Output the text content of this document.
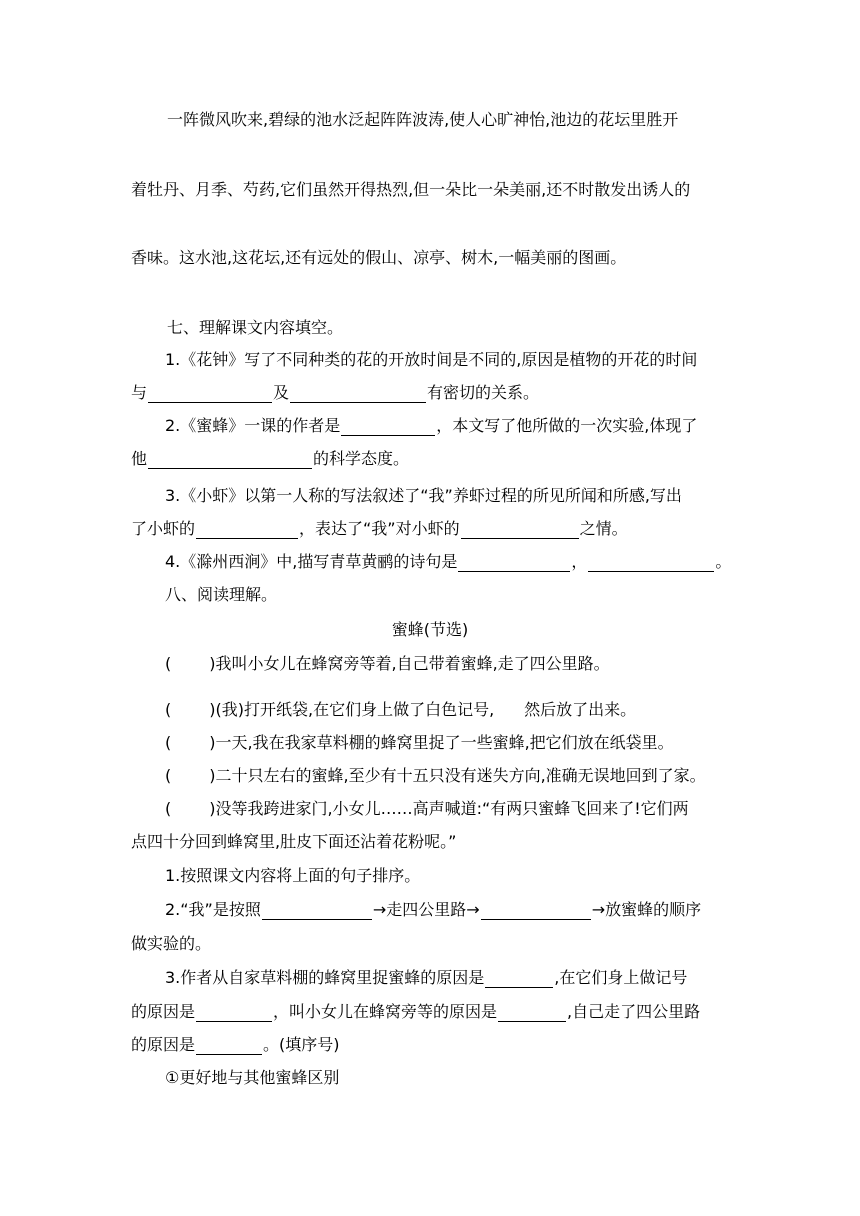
一阵微风吹来,碧绿的池水泛起阵阵波涛,使人心旷神怡,池边的花坛里胜开
着牡丹、月季、芍药,它们虽然开得热烈,但一朵比一朵美丽,还不时散发出诱人的
香味。这水池,这花坛,还有远处的假山、凉亭、树木,一幅美丽的图画。
七、理解课文内容填空。
1.《花钟》写了不同种类的花的开放时间是不同的,原因是植物的开花的时间
与	及	有密切的关系。
2.《蜜蜂》一课的作者是	，本文写了他所做的一次实验,体现了
他	的科学态度。
3.《小虾》以第一人称的写法叙述了“我”养虾过程的所见所闻和所感,写出
了小虾的	，表达了“我”对小虾的	之情。
4.《滁州西涧》中,描写青草黄鹂的诗句是	，	。
八、阅读理解。
蜜蜂(节选)
( )我叫小女儿在蜂窝旁等着,自己带着蜜蜂,走了四公里路。
( )(我)打开纸袋,在它们身上做了白色记号, 然后放了出来。
( )一天,我在我家草料棚的蜂窝里捉了一些蜜蜂,把它们放在纸袋里。
( )二十只左右的蜜蜂,至少有十五只没有迷失方向,准确无误地回到了家。
( )没等我跨进家门,小女儿……高声喊道:“有两只蜜蜂飞回来了!它们两
点四十分回到蜂窝里,肚皮下面还沾着花粉呢。”
1.按照课文内容将上面的句子排序。
2.“我”是按照	→走四公里路→	→放蜜蜂的顺序
做实验的。
3.作者从自家草料棚的蜂窝里捉蜜蜂的原因是	,在它们身上做记号
的原因是	，叫小女儿在蜂窝旁等的原因是	,自己走了四公里路
的原因是	。(填序号)
①更好地与其他蜜蜂区别
